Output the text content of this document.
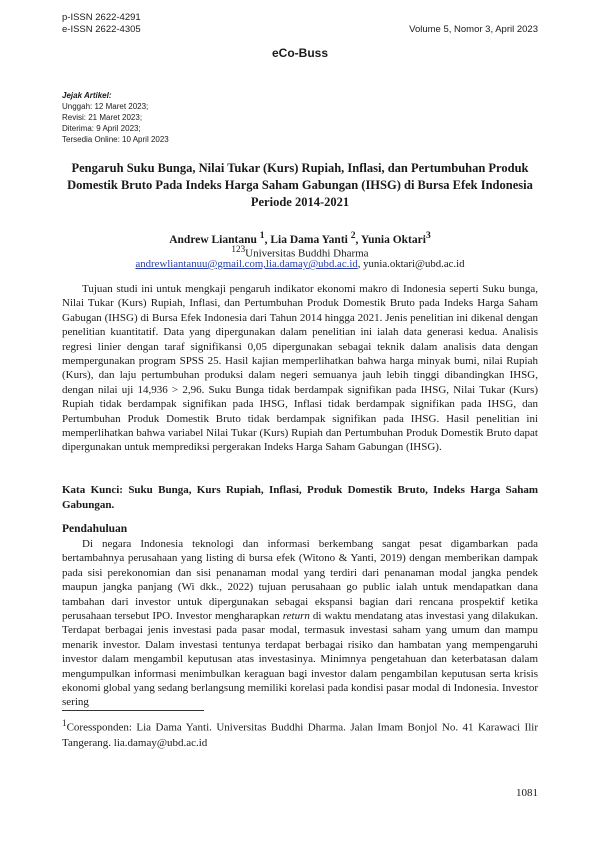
p-ISSN 2622-4291
e-ISSN 2622-4305	Volume 5, Nomor 3, April 2023
eCo-Buss
Jejak Artikel:
Unggah: 12 Maret 2023;
Revisi: 21 Maret 2023;
Diterima: 9 April 2023;
Tersedia Online: 10 April 2023
Pengaruh Suku Bunga, Nilai Tukar (Kurs) Rupiah, Inflasi, dan Pertumbuhan Produk Domestik Bruto Pada Indeks Harga Saham Gabungan (IHSG) di Bursa Efek Indonesia Periode 2014-2021
Andrew Liantanu $^1$, Lia Dama Yanti $^2$, Yunia Oktari$^3$
$^{123}$Universitas Buddhi Dharma
andrewliantanuu@gmail.com,lia.damay@ubd.ac.id, yunia.oktari@ubd.ac.id
Tujuan studi ini untuk mengkaji pengaruh indikator ekonomi makro di Indonesia seperti Suku bunga, Nilai Tukar (Kurs) Rupiah, Inflasi, dan Pertumbuhan Produk Domestik Bruto pada Indeks Harga Saham Gabugan (IHSG) di Bursa Efek Indonesia dari Tahun 2014 hingga 2021. Jenis penelitian ini dikenal dengan penelitian kuantitatif. Data yang dipergunakan dalam penelitian ini ialah data generasi kedua. Analisis regresi linier dengan taraf signifikansi 0,05 dipergunakan sebagai teknik dalam analisis data dengan mempergunakan program SPSS 25. Hasil kajian memperlihatkan bahwa harga minyak bumi, nilai Rupiah (Kurs), dan laju pertumbuhan produksi dalam negeri semuanya jauh lebih tinggi dibandingkan IHSG, dengan nilai uji 14,936 > 2,96. Suku Bunga tidak berdampak signifikan pada IHSG, Nilai Tukar (Kurs) Rupiah tidak berdampak signifikan pada IHSG, Inflasi tidak berdampak signifikan pada IHSG, dan Pertumbuhan Produk Domestik Bruto tidak berdampak signifikan pada IHSG. Hasil penelitian ini memperlihatkan bahwa variabel Nilai Tukar (Kurs) Rupiah dan Pertumbuhan Produk Domestik Bruto dapat dipergunakan untuk memprediksi pergerakan Indeks Harga Saham Gabungan (IHSG).
Kata Kunci: Suku Bunga, Kurs Rupiah, Inflasi, Produk Domestik Bruto, Indeks Harga Saham Gabungan.
Pendahuluan
Di negara Indonesia teknologi dan informasi berkembang sangat pesat digambarkan pada bertambahnya perusahaan yang listing di bursa efek (Witono & Yanti, 2019) dengan memberikan dampak pada sisi perekonomian dan sisi penanaman modal yang terdiri dari penanaman modal jangka pendek maupun jangka panjang (Wi dkk., 2022) tujuan perusahaan go public ialah untuk mendapatkan dana tambahan dari investor untuk dipergunakan sebagai ekspansi bagian dari rencana prospektif ketika perusahaan tersebut IPO. Investor mengharapkan return di waktu mendatang atas investasi yang dilakukan. Terdapat berbagai jenis investasi pada pasar modal, termasuk investasi saham yang umum dan mampu menarik investor. Dalam investasi tentunya terdapat berbagai risiko dan hambatan yang mempengaruhi investor dalam mengambil keputusan atas investasinya. Minimnya pengetahuan dan keterbatasan dalam mengumpulkan informasi menimbulkan keraguan bagi investor dalam pengambilan keputusan serta krisis ekonomi global yang sedang berlangsung memiliki korelasi pada kondisi pasar modal di Indonesia. Investor sering
$^1$Coressponden: Lia Dama Yanti. Universitas Buddhi Dharma. Jalan Imam Bonjol No. 41 Karawaci Ilir Tangerang. lia.damay@ubd.ac.id
1081
